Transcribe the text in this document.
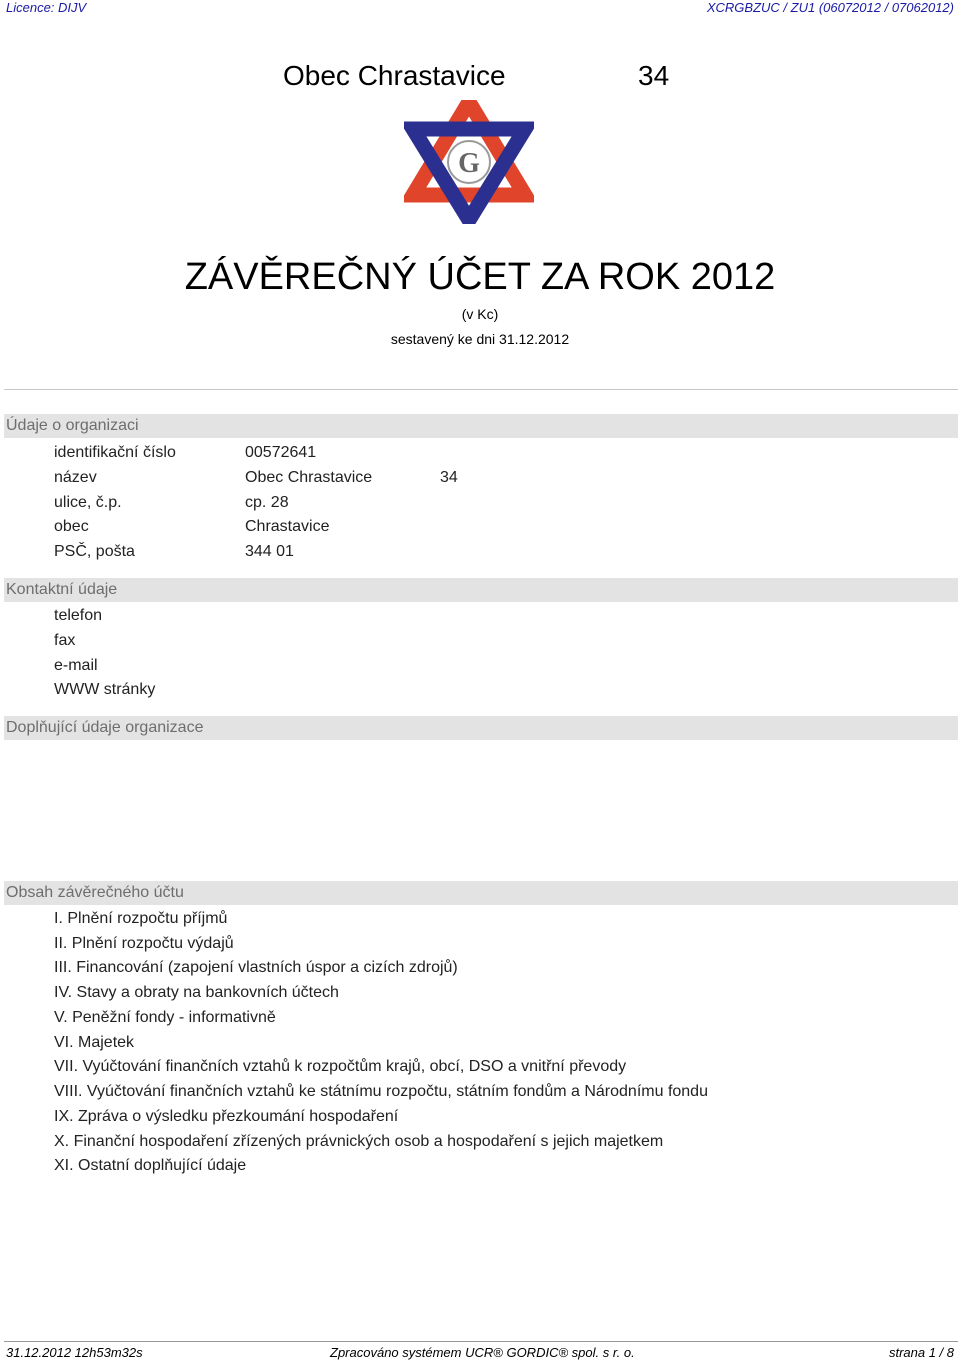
Licence: DIJV	XCRGBZUC / ZU1 (06072012 / 07062012)
Obec Chrastavice	34
G
ZÁVĚREČNÝ ÚČET ZA ROK 2012
(v Kc)
sestavený ke dni 31.12.2012
Údaje o organizaci
identifikační číslo	00572641
název	Obec Chrastavice	34
ulice, č.p.	cp. 28
obec	Chrastavice
PSČ, pošta	344 01
Kontaktní údaje
telefon
fax
e-mail
WWW stránky
Doplňující údaje organizace
Obsah závěrečného účtu
I. Plnění rozpočtu příjmů
II. Plnění rozpočtu výdajů
III. Financování (zapojení vlastních úspor a cizích zdrojů)
IV. Stavy a obraty na bankovních účtech
V. Peněžní fondy - informativně
VI. Majetek
VII. Vyúčtování finančních vztahů k rozpočtům krajů, obcí, DSO a vnitřní převody
VIII. Vyúčtování finančních vztahů ke státnímu rozpočtu, státním fondům a Národnímu fondu
IX. Zpráva o výsledku přezkoumání hospodaření
X. Finanční hospodaření zřízených právnických osob a hospodaření s jejich majetkem
XI. Ostatní doplňující údaje
31.12.2012 12h53m32s	Zpracováno systémem UCR® GORDIC® spol. s r. o.	strana 1 / 8
